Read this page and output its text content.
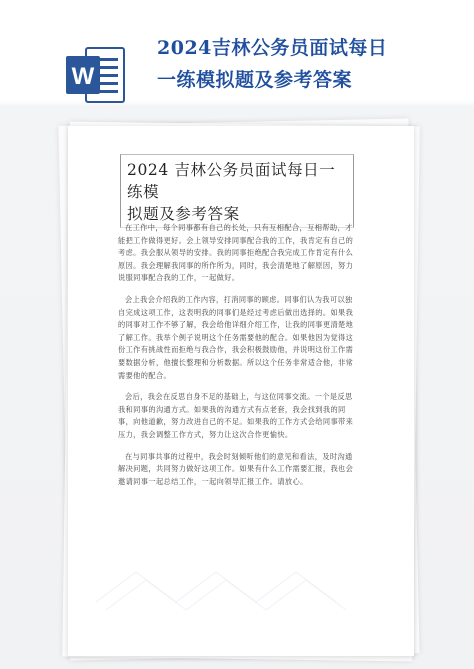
W
2024吉林公务员面试每日
一练模拟题及参考答案
2024 吉林公务员面试每日一练模
拟题及参考答案

在工作中，每个同事都有自己的长处，只有互相配合，互相帮助，才能把工作做得更好。会上领导安排同事配合我的工作，我肯定有自己的考虑。我会服从领导的安排。我的同事拒绝配合我完成工作肯定有什么原因。我会理解我同事的所作所为，同时，我会清楚地了解原因，努力说服同事配合我的工作，一起做好。

会上我会介绍我的工作内容，打消同事的顾虑。同事们认为我可以独自完成这项工作，这表明我的同事们是经过考虑后做出选择的。如果我的同事对工作不够了解，我会给他详细介绍工作，让我的同事更清楚地了解工作。我举个例子说明这个任务需要他的配合。如果他因为觉得这份工作有挑战性而拒绝与我合作，我会积极鼓励他，并说明这份工作需要数据分析，他擅长整理和分析数据。所以这个任务非常适合他，非常需要他的配合。

会后，我会在反思自身不足的基础上，与这位同事交流。一个是反思我和同事的沟通方式。如果我的沟通方式有点老套，我会找到我的同事，向他道歉，努力改进自己的不足。如果我的工作方式会给同事带来压力，我会调整工作方式，努力让这次合作更愉快。

在与同事共事的过程中，我会时刻倾听他们的意见和看法，及时沟通解决问题，共同努力做好这项工作。如果有什么工作需要汇报，我也会邀请同事一起总结工作，一起向领导汇报工作。请放心。
